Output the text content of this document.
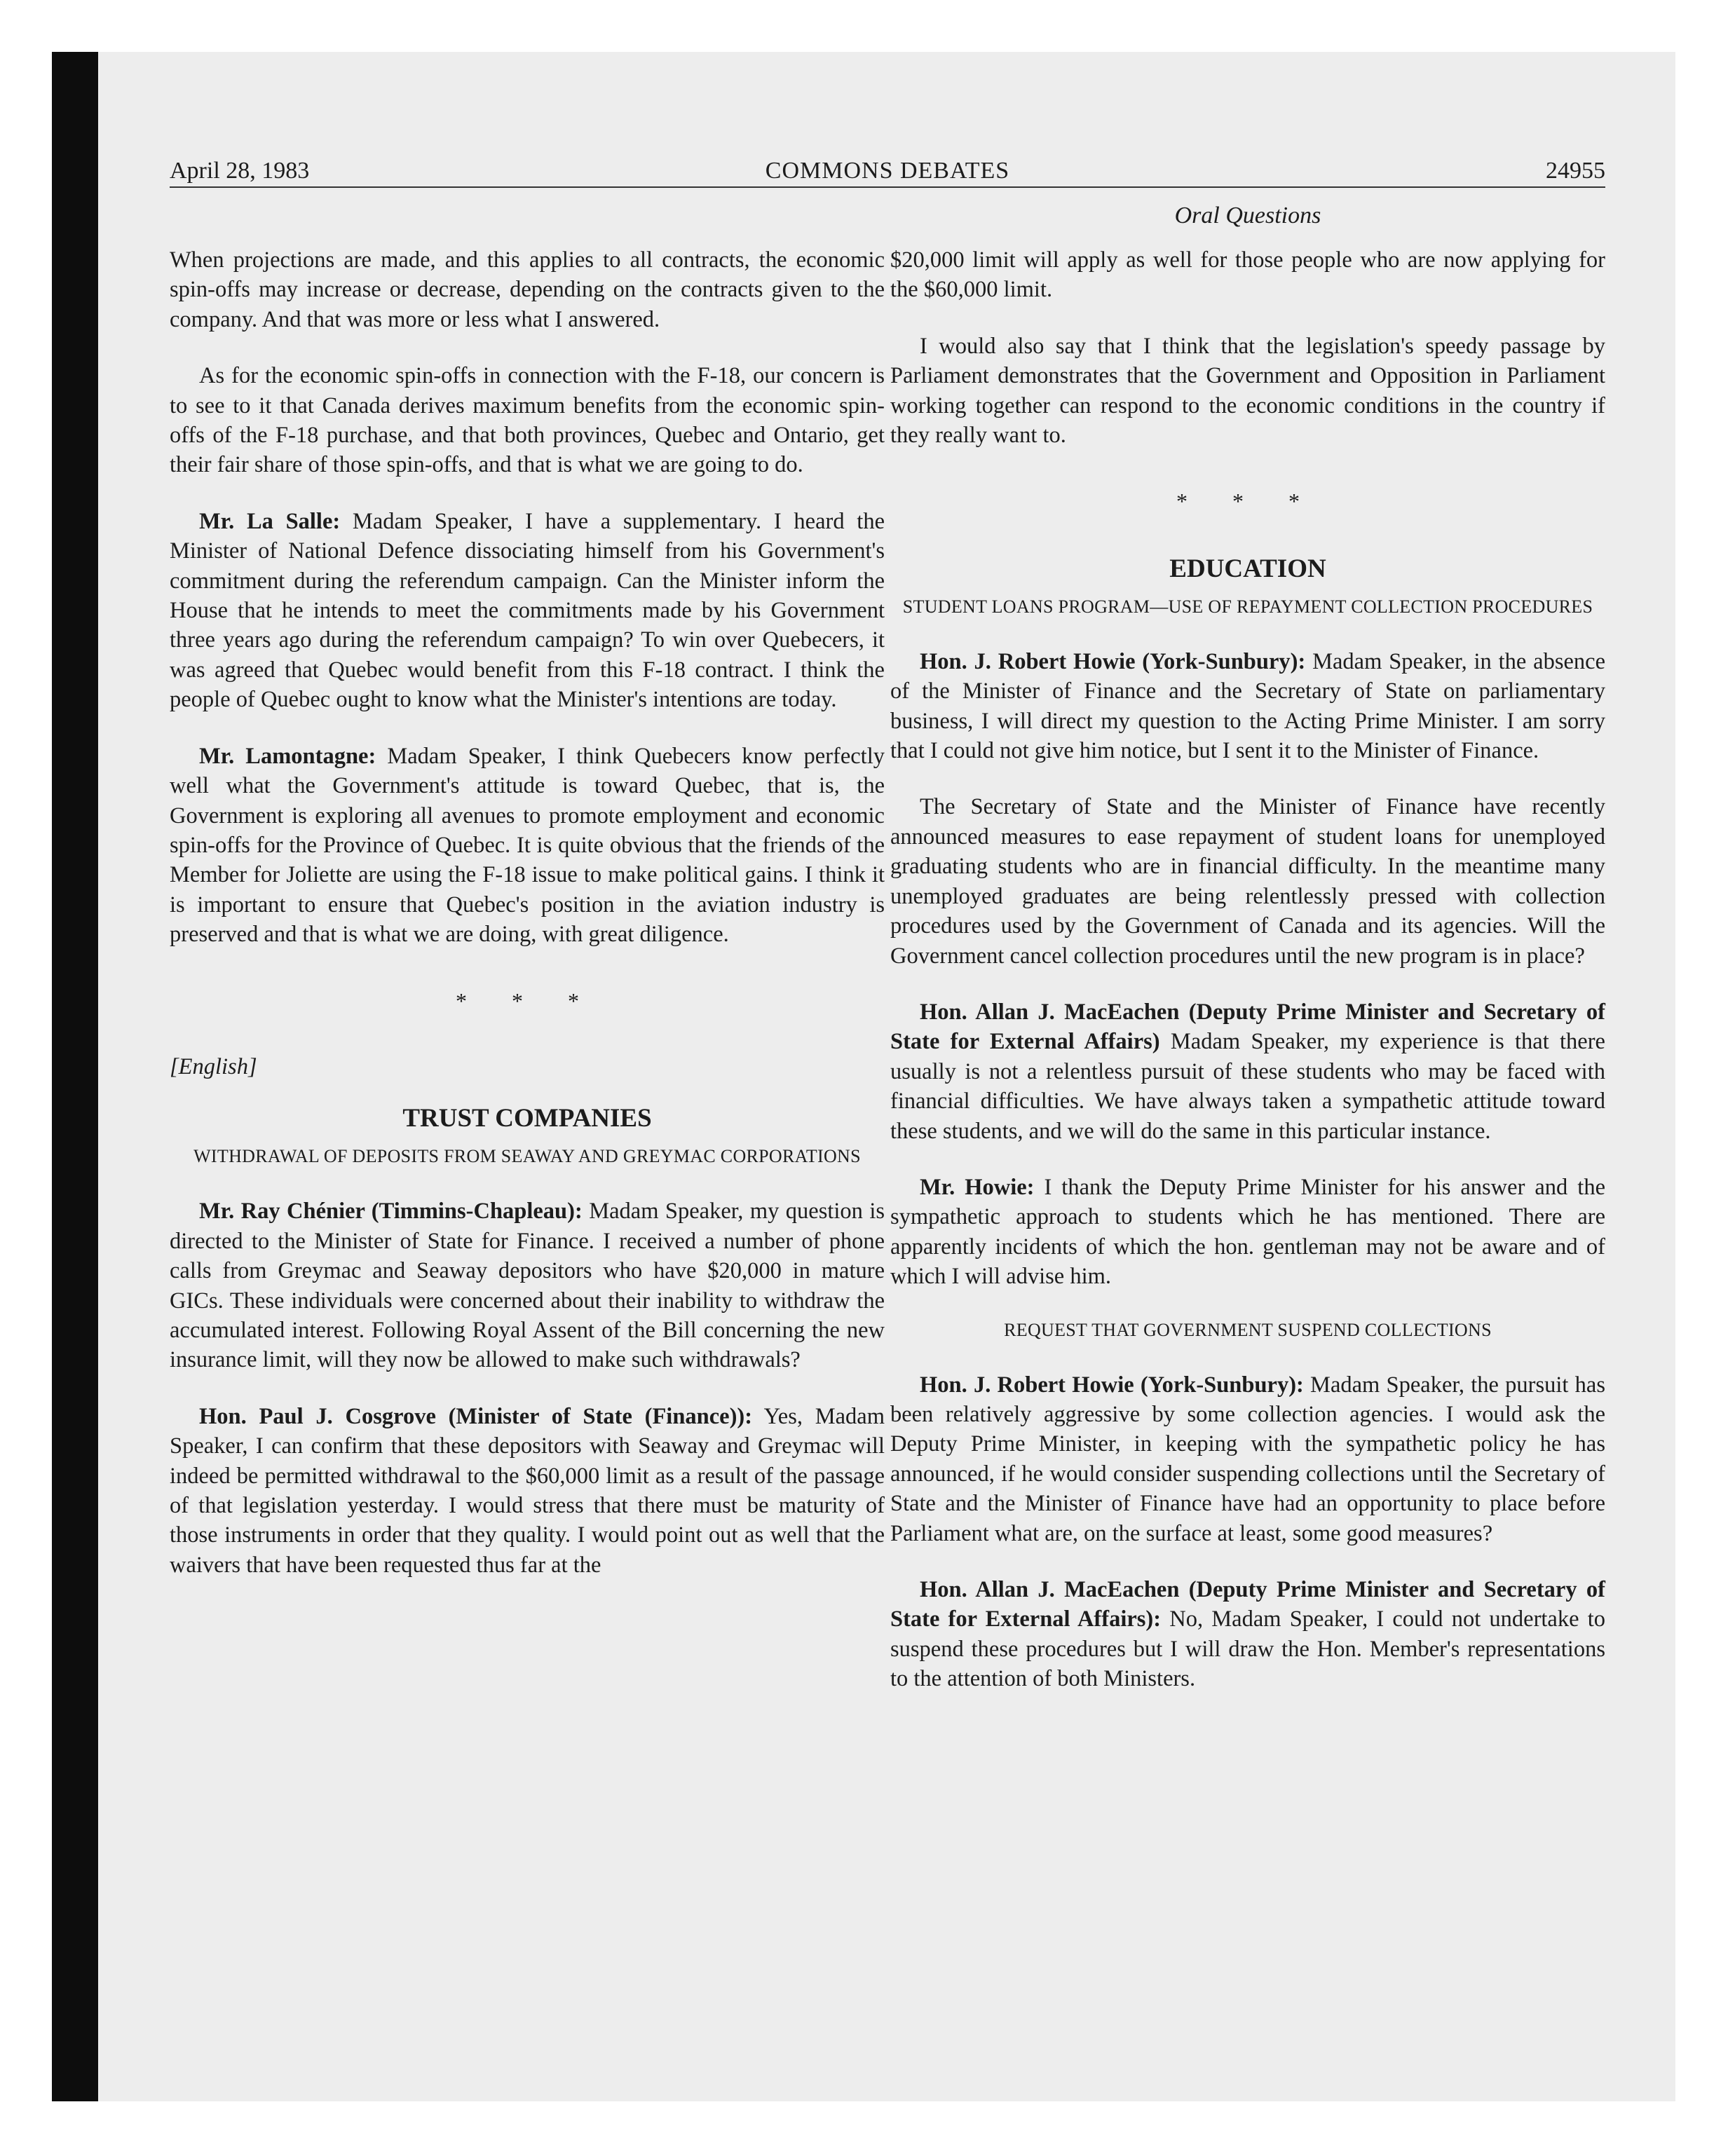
April 28, 1983	COMMONS DEBATES	24955
Oral Questions

When projections are made, and this applies to all contracts, the economic spin-offs may increase or decrease, depending on the contracts given to the company. And that was more or less what I answered.

As for the economic spin-offs in connection with the F-18, our concern is to see to it that Canada derives maximum benefits from the economic spin-offs of the F-18 purchase, and that both provinces, Quebec and Ontario, get their fair share of those spin-offs, and that is what we are going to do.

Mr. La Salle: Madam Speaker, I have a supplementary. I heard the Minister of National Defence dissociating himself from his Government's commitment during the referendum campaign. Can the Minister inform the House that he intends to meet the commitments made by his Government three years ago during the referendum campaign? To win over Quebecers, it was agreed that Quebec would benefit from this F-18 contract. I think the people of Quebec ought to know what the Minister's intentions are today.

Mr. Lamontagne: Madam Speaker, I think Quebecers know perfectly well what the Government's attitude is toward Quebec, that is, the Government is exploring all avenues to promote employment and economic spin-offs for the Province of Quebec. It is quite obvious that the friends of the Member for Joliette are using the F-18 issue to make political gains. I think it is important to ensure that Quebec's position in the aviation industry is preserved and that is what we are doing, with great diligence.

* * *
[English]
TRUST COMPANIES
WITHDRAWAL OF DEPOSITS FROM SEAWAY AND GREYMAC CORPORATIONS

Mr. Ray Chénier (Timmins-Chapleau): Madam Speaker, my question is directed to the Minister of State for Finance. I received a number of phone calls from Greymac and Seaway depositors who have $20,000 in mature GICs. These individuals were concerned about their inability to withdraw the accumulated interest. Following Royal Assent of the Bill concerning the new insurance limit, will they now be allowed to make such withdrawals?

Hon. Paul J. Cosgrove (Minister of State (Finance)): Yes, Madam Speaker, I can confirm that these depositors with Seaway and Greymac will indeed be permitted withdrawal to the $60,000 limit as a result of the passage of that legislation yesterday. I would stress that there must be maturity of those instruments in order that they quality. I would point out as well that the waivers that have been requested thus far at the

$20,000 limit will apply as well for those people who are now applying for the $60,000 limit.

I would also say that I think that the legislation's speedy passage by Parliament demonstrates that the Government and Opposition in Parliament working together can respond to the economic conditions in the country if they really want to.

* * *
EDUCATION
STUDENT LOANS PROGRAM—USE OF REPAYMENT COLLECTION PROCEDURES

Hon. J. Robert Howie (York-Sunbury): Madam Speaker, in the absence of the Minister of Finance and the Secretary of State on parliamentary business, I will direct my question to the Acting Prime Minister. I am sorry that I could not give him notice, but I sent it to the Minister of Finance.

The Secretary of State and the Minister of Finance have recently announced measures to ease repayment of student loans for unemployed graduating students who are in financial difficulty. In the meantime many unemployed graduates are being relentlessly pressed with collection procedures used by the Government of Canada and its agencies. Will the Government cancel collection procedures until the new program is in place?

Hon. Allan J. MacEachen (Deputy Prime Minister and Secretary of State for External Affairs) Madam Speaker, my experience is that there usually is not a relentless pursuit of these students who may be faced with financial difficulties. We have always taken a sympathetic attitude toward these students, and we will do the same in this particular instance.

Mr. Howie: I thank the Deputy Prime Minister for his answer and the sympathetic approach to students which he has mentioned. There are apparently incidents of which the hon. gentleman may not be aware and of which I will advise him.

REQUEST THAT GOVERNMENT SUSPEND COLLECTIONS

Hon. J. Robert Howie (York-Sunbury): Madam Speaker, the pursuit has been relatively aggressive by some collection agencies. I would ask the Deputy Prime Minister, in keeping with the sympathetic policy he has announced, if he would consider suspending collections until the Secretary of State and the Minister of Finance have had an opportunity to place before Parliament what are, on the surface at least, some good measures?

Hon. Allan J. MacEachen (Deputy Prime Minister and Secretary of State for External Affairs): No, Madam Speaker, I could not undertake to suspend these procedures but I will draw the Hon. Member's representations to the attention of both Ministers.
